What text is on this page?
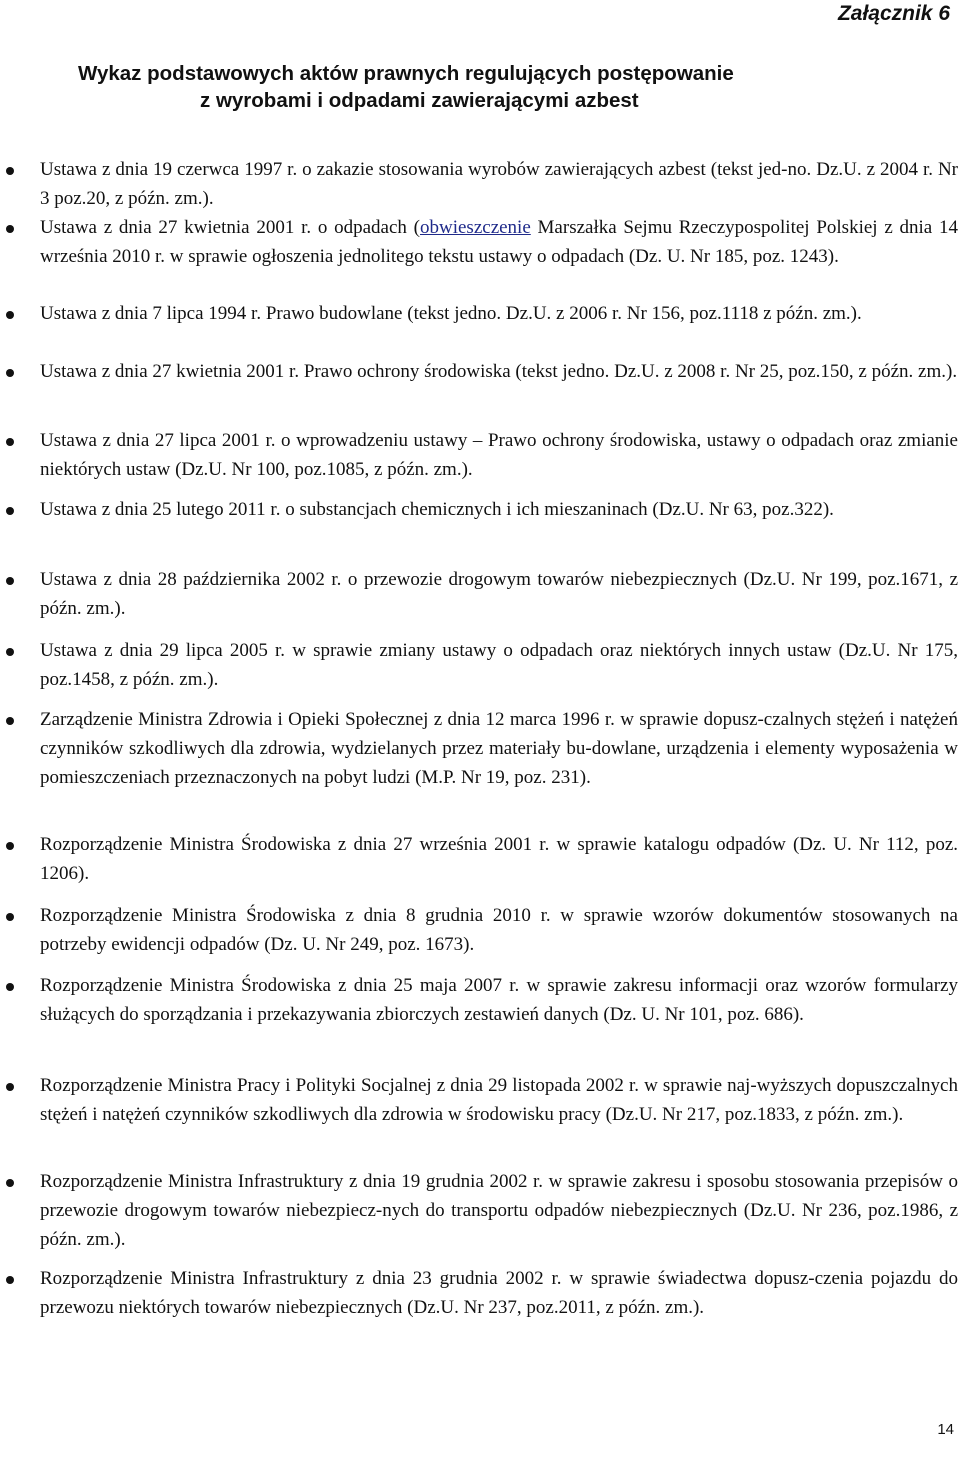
Załącznik 6
Wykaz podstawowych aktów prawnych regulujących postępowanie
z wyrobami i odpadami zawierającymi azbest
Ustawa z dnia 19 czerwca 1997 r. o zakazie stosowania wyrobów zawierających azbest (tekst jed-no. Dz.U. z 2004 r. Nr 3 poz.20, z późn. zm.).
Ustawa z dnia 27 kwietnia 2001 r. o odpadach (obwieszczenie Marszałka Sejmu Rzeczypospolitej Polskiej z dnia 14 września 2010 r. w sprawie ogłoszenia jednolitego tekstu ustawy o odpadach (Dz. U. Nr 185, poz. 1243).
Ustawa z dnia 7 lipca 1994 r. Prawo budowlane (tekst jedno. Dz.U. z 2006 r. Nr 156, poz.1118 z późn. zm.).
Ustawa z dnia 27 kwietnia 2001 r. Prawo ochrony środowiska (tekst jedno. Dz.U. z 2008 r. Nr 25, poz.150, z późn. zm.).
Ustawa z dnia 27 lipca 2001 r. o wprowadzeniu ustawy – Prawo ochrony środowiska, ustawy o odpadach oraz zmianie niektórych ustaw (Dz.U. Nr 100, poz.1085, z późn. zm.).
Ustawa z dnia 25 lutego 2011 r. o substancjach chemicznych i ich mieszaninach (Dz.U. Nr 63, poz.322).
Ustawa z dnia 28 października 2002 r. o przewozie drogowym towarów niebezpiecznych (Dz.U. Nr 199, poz.1671, z późn. zm.).
Ustawa z dnia 29 lipca 2005 r. w sprawie zmiany ustawy o odpadach oraz niektórych innych ustaw (Dz.U. Nr 175, poz.1458, z późn. zm.).
Zarządzenie Ministra Zdrowia i Opieki Społecznej z dnia 12 marca 1996 r. w sprawie dopusz-czalnych stężeń i natężeń czynników szkodliwych dla zdrowia, wydzielanych przez materiały bu-dowlane, urządzenia i elementy wyposażenia w pomieszczeniach przeznaczonych na pobyt ludzi (M.P. Nr 19, poz. 231).
Rozporządzenie Ministra Środowiska z dnia 27 września 2001 r. w sprawie katalogu odpadów (Dz. U. Nr 112, poz. 1206).
Rozporządzenie Ministra Środowiska z dnia 8 grudnia 2010 r. w sprawie wzorów dokumentów stosowanych na potrzeby ewidencji odpadów (Dz. U. Nr 249, poz. 1673).
Rozporządzenie Ministra Środowiska z dnia 25 maja 2007 r. w sprawie zakresu informacji oraz wzorów formularzy służących do sporządzania i przekazywania zbiorczych zestawień danych (Dz. U. Nr 101, poz. 686).
Rozporządzenie Ministra Pracy i Polityki Socjalnej z dnia 29 listopada 2002 r. w sprawie naj-wyższych dopuszczalnych stężeń i natężeń czynników szkodliwych dla zdrowia w środowisku pracy (Dz.U. Nr 217, poz.1833, z późn. zm.).
Rozporządzenie Ministra Infrastruktury z dnia 19 grudnia 2002 r. w sprawie zakresu i sposobu stosowania przepisów o przewozie drogowym towarów niebezpiecz-nych do transportu odpadów niebezpiecznych (Dz.U. Nr 236, poz.1986, z późn. zm.).
Rozporządzenie Ministra Infrastruktury z dnia 23 grudnia 2002 r. w sprawie świadectwa dopusz-czenia pojazdu do przewozu niektórych towarów niebezpiecznych (Dz.U. Nr 237, poz.2011, z późn. zm.).
14
